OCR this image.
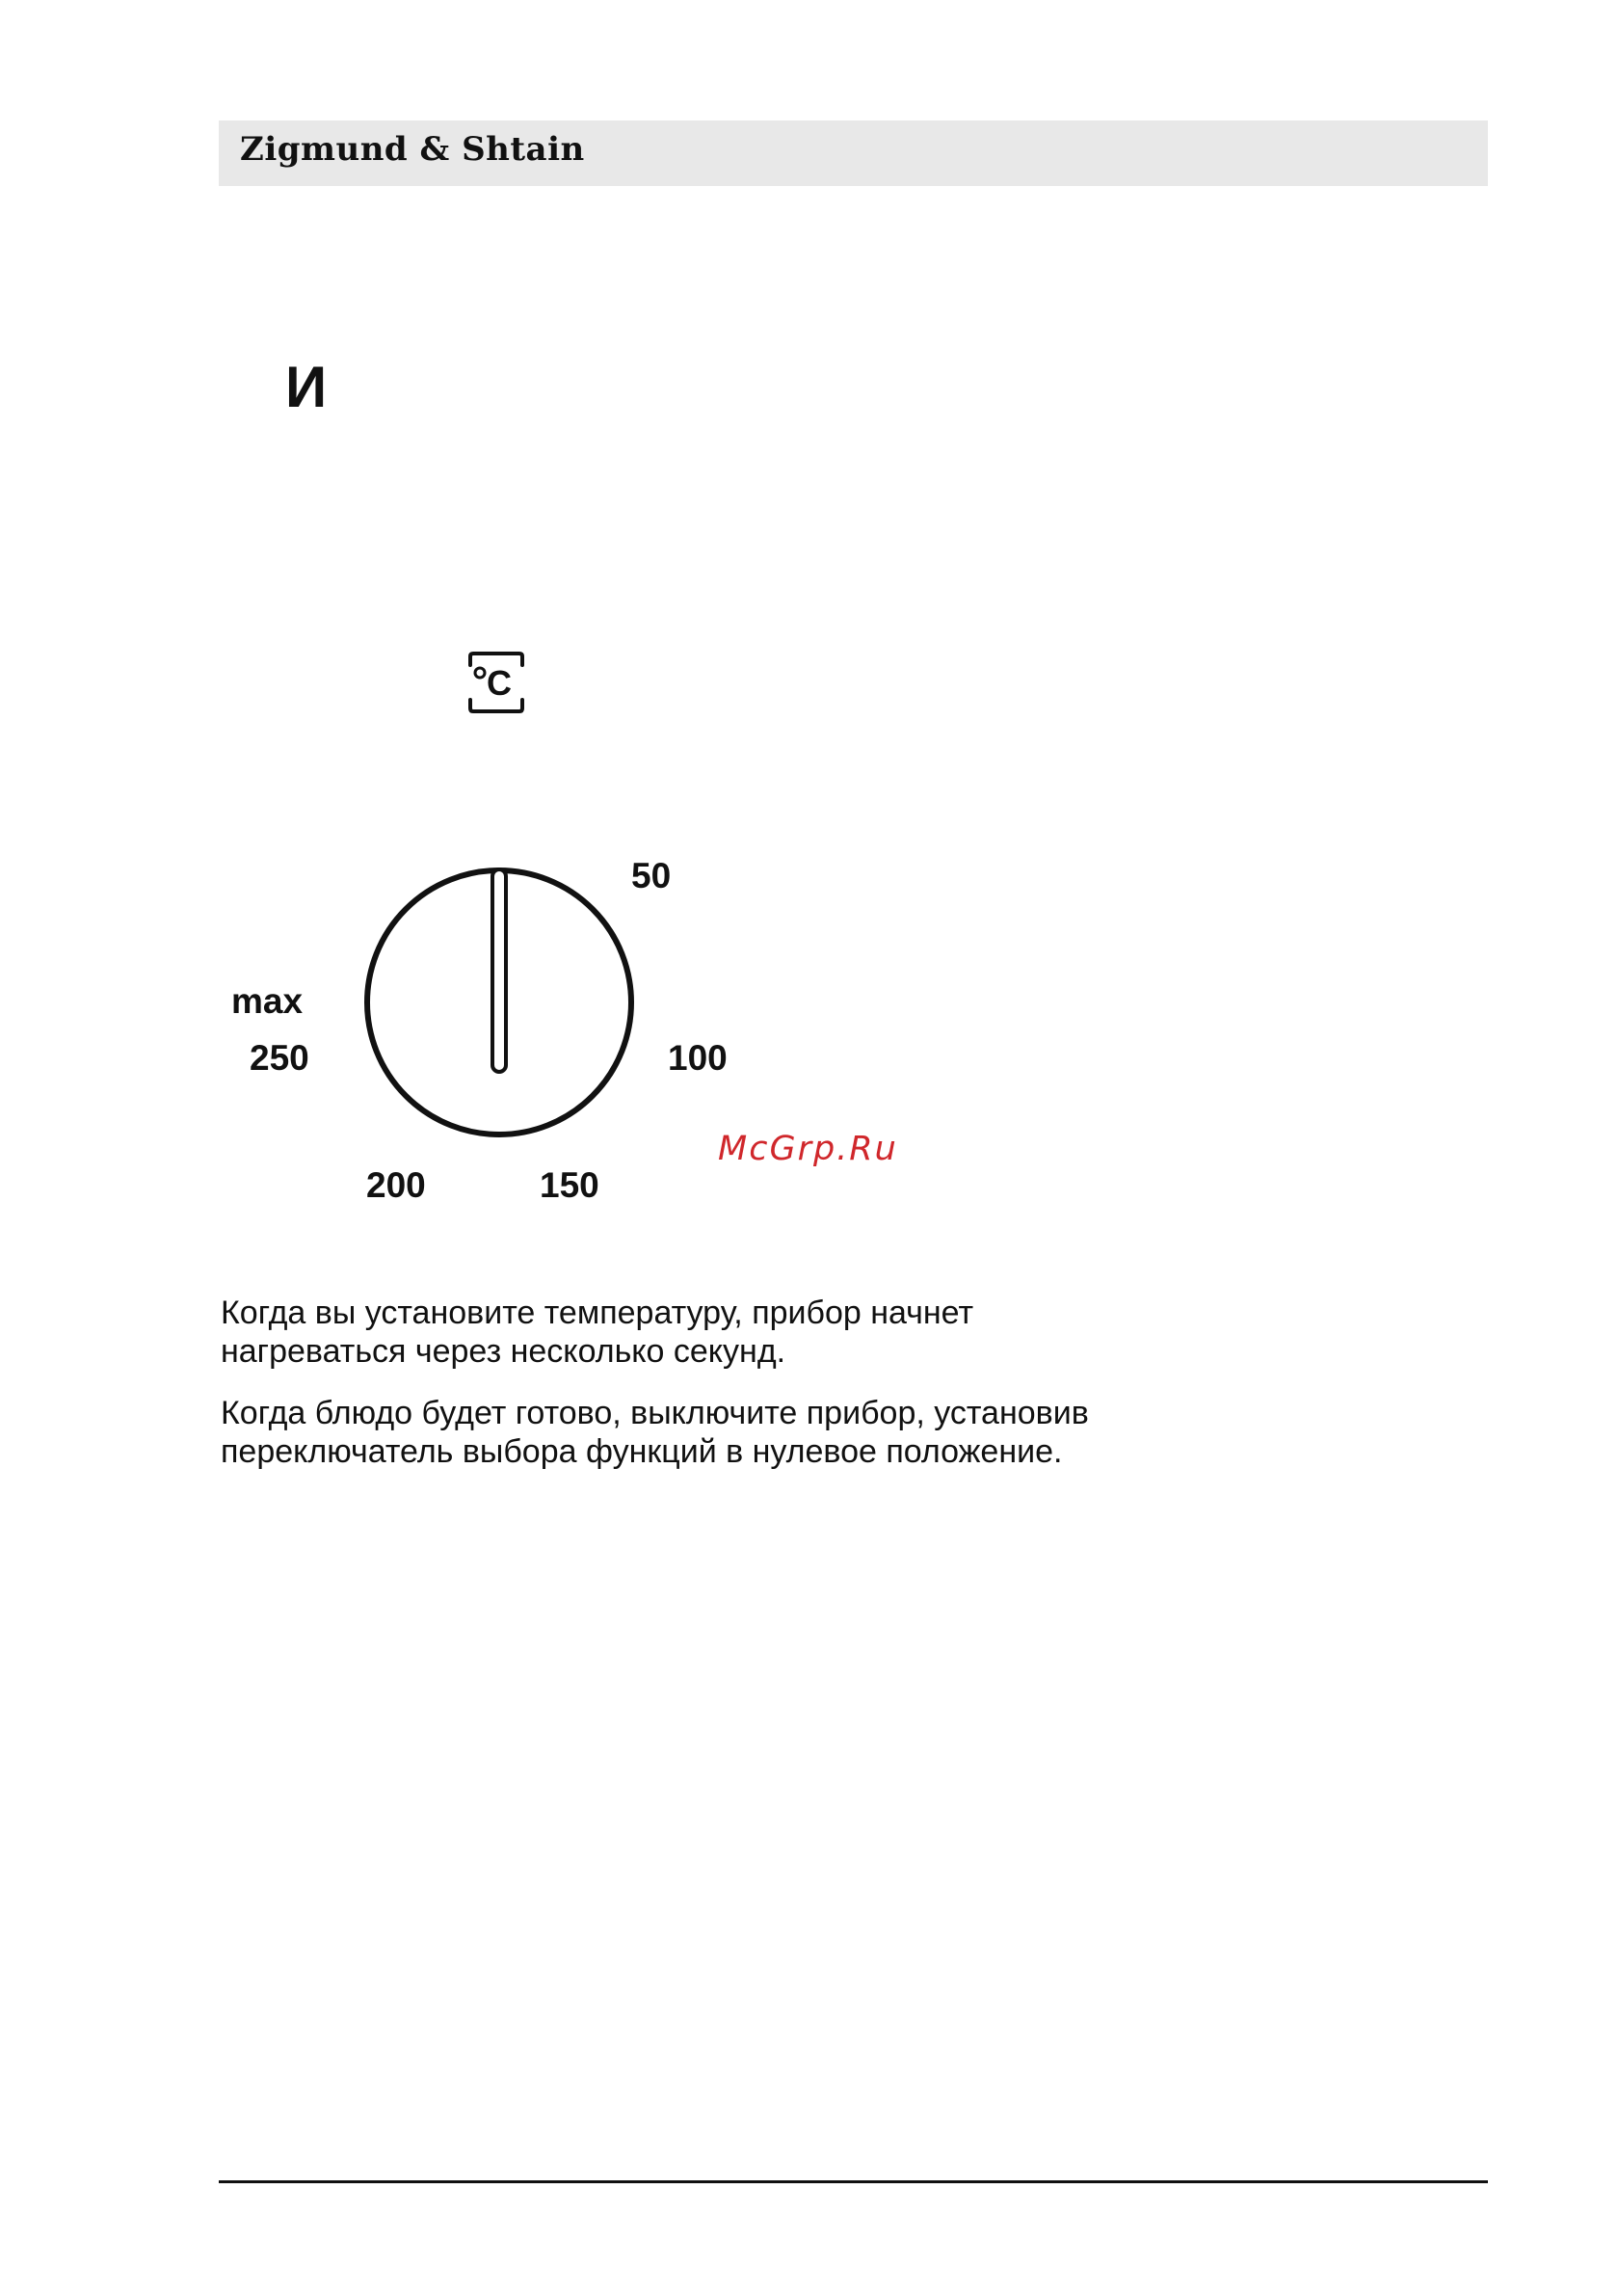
Zigmund & Shtain
И
C
50
max
250	100
200	150
McGrp.Ru
Когда вы установите температуру, прибор начнет
нагреваться через несколько секунд.
Когда блюдо будет готово, выключите прибор, установив
переключатель выбора функций в нулевое положение.
